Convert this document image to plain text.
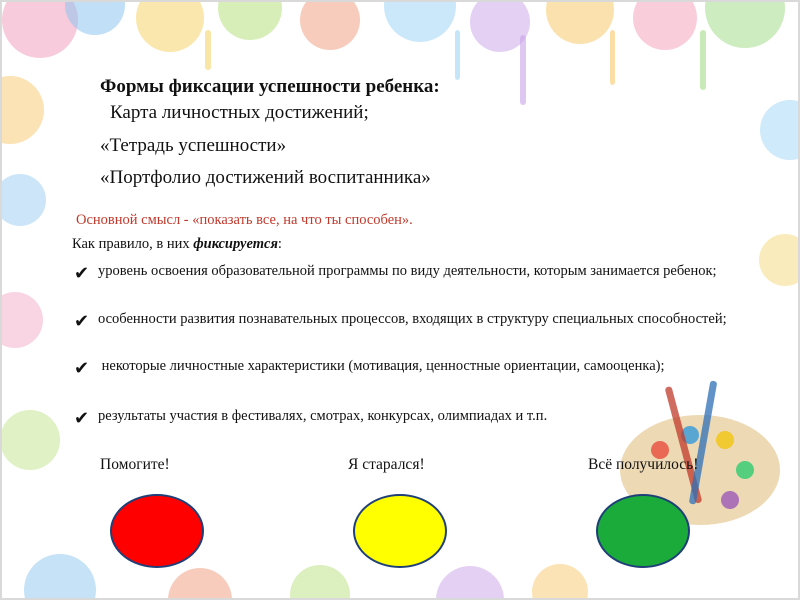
Формы фиксации успешности ребенка:
Карта личностных достижений;
«Тетрадь успешности»
«Портфолио достижений воспитанника»
Основной смысл - «показать все, на что ты способен».
Как правило, в них фиксируется:
✔ уровень освоения образовательной программы по виду деятельности, которым занимается ребенок;
✔ особенности развития познавательных процессов, входящих в структуру специальных способностей;
✔ некоторые личностные характеристики (мотивация, ценностные ориентации, самооценка);
✔ результаты участия в фестивалях, смотрах, конкурсах, олимпиадах и т.п.
Помогите!	Я старался!	Всё получилось!
